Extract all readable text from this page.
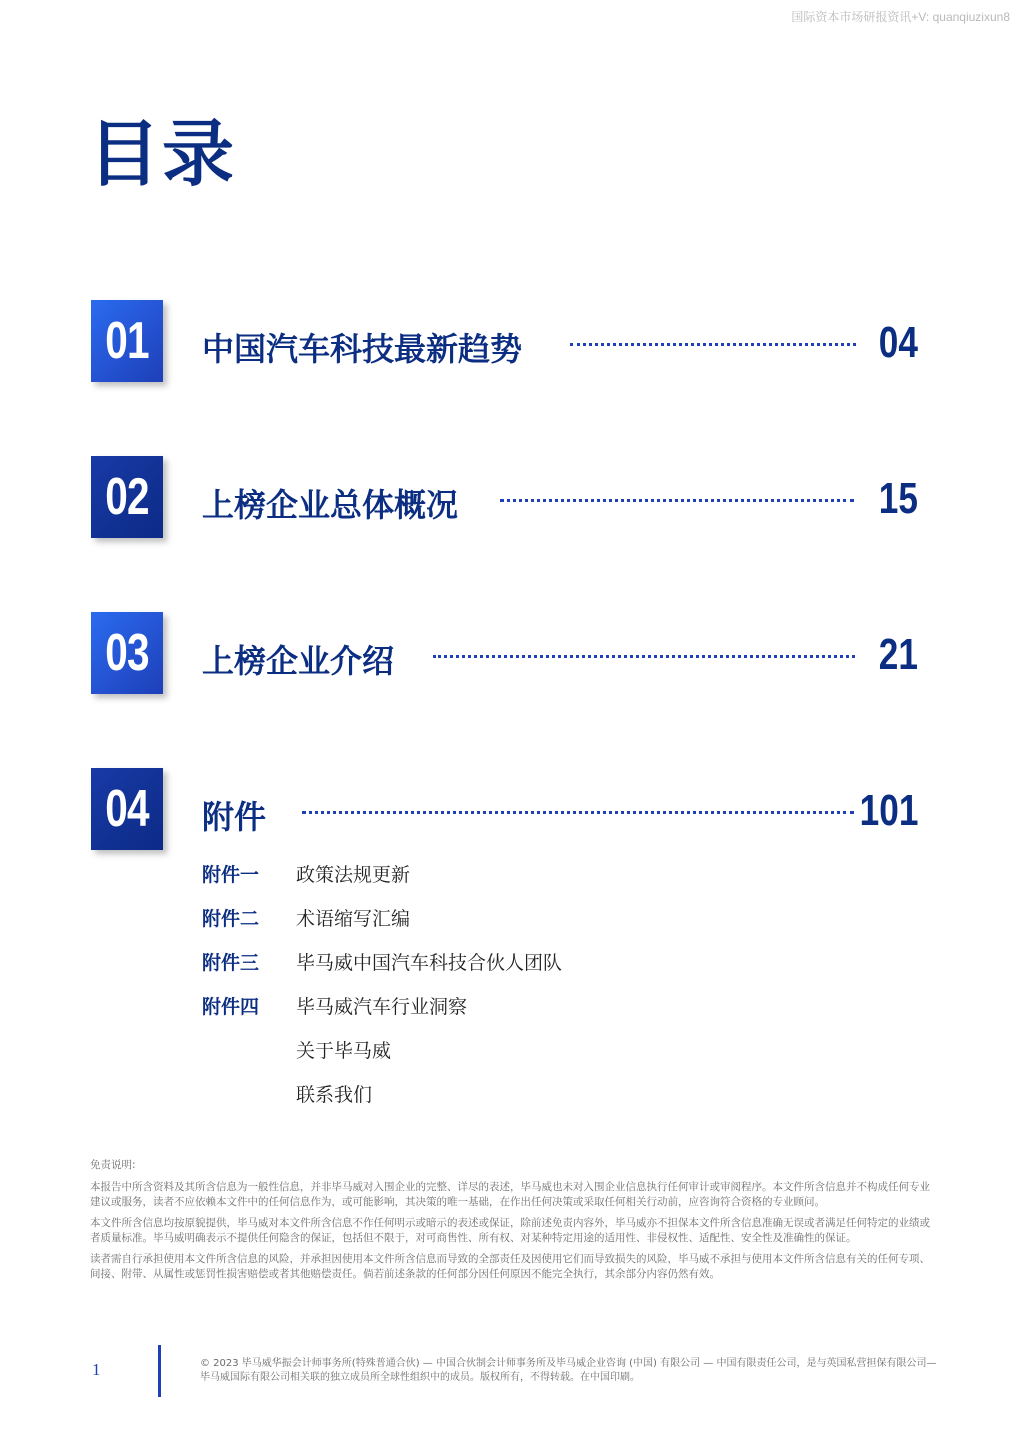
国际资本市场研报资讯+V: quanqiuzixun8
目录
01 中国汽车科技最新趋势	04
02 上榜企业总体概况	15
03 上榜企业介绍	21
04 附件	101
附件一 政策法规更新
附件二 术语缩写汇编
附件三 毕马威中国汽车科技合伙人团队
附件四 毕马威汽车行业洞察
关于毕马威
联系我们

免责说明:

本报告中所含资料及其所含信息为一般性信息，并非毕马威对入围企业的完整、详尽的表述，毕马威也未对入围企业信息执行任何审计或审阅程序。本文件所含信息并不构成任何专业建议或服务，读者不应依赖本文件中的任何信息作为，或可能影响，其决策的唯一基础，在作出任何决策或采取任何相关行动前，应咨询符合资格的专业顾问。

本文件所含信息均按原貌提供，毕马威对本文件所含信息不作任何明示或暗示的表述或保证，除前述免责内容外，毕马威亦不担保本文件所含信息准确无误或者满足任何特定的业绩或者质量标准。毕马威明确表示不提供任何隐含的保证，包括但不限于，对可商售性、所有权、对某种特定用途的适用性、非侵权性、适配性、安全性及准确性的保证。

读者需自行承担使用本文件所含信息的风险，并承担因使用本文件所含信息而导致的全部责任及因使用它们而导致损失的风险，毕马威不承担与使用本文件所含信息有关的任何专项、间接、附带、从属性或惩罚性损害赔偿或者其他赔偿责任。倘若前述条款的任何部分因任何原因不能完全执行，其余部分内容仍然有效。

1	© 2023 毕马威华振会计师事务所(特殊普通合伙) — 中国合伙制会计师事务所及毕马威企业咨询 (中国) 有限公司 — 中国有限责任公司，是与英国私营担保有限公司— 毕马威国际有限公司相关联的独立成员所全球性组织中的成员。版权所有，不得转载。在中国印刷。
